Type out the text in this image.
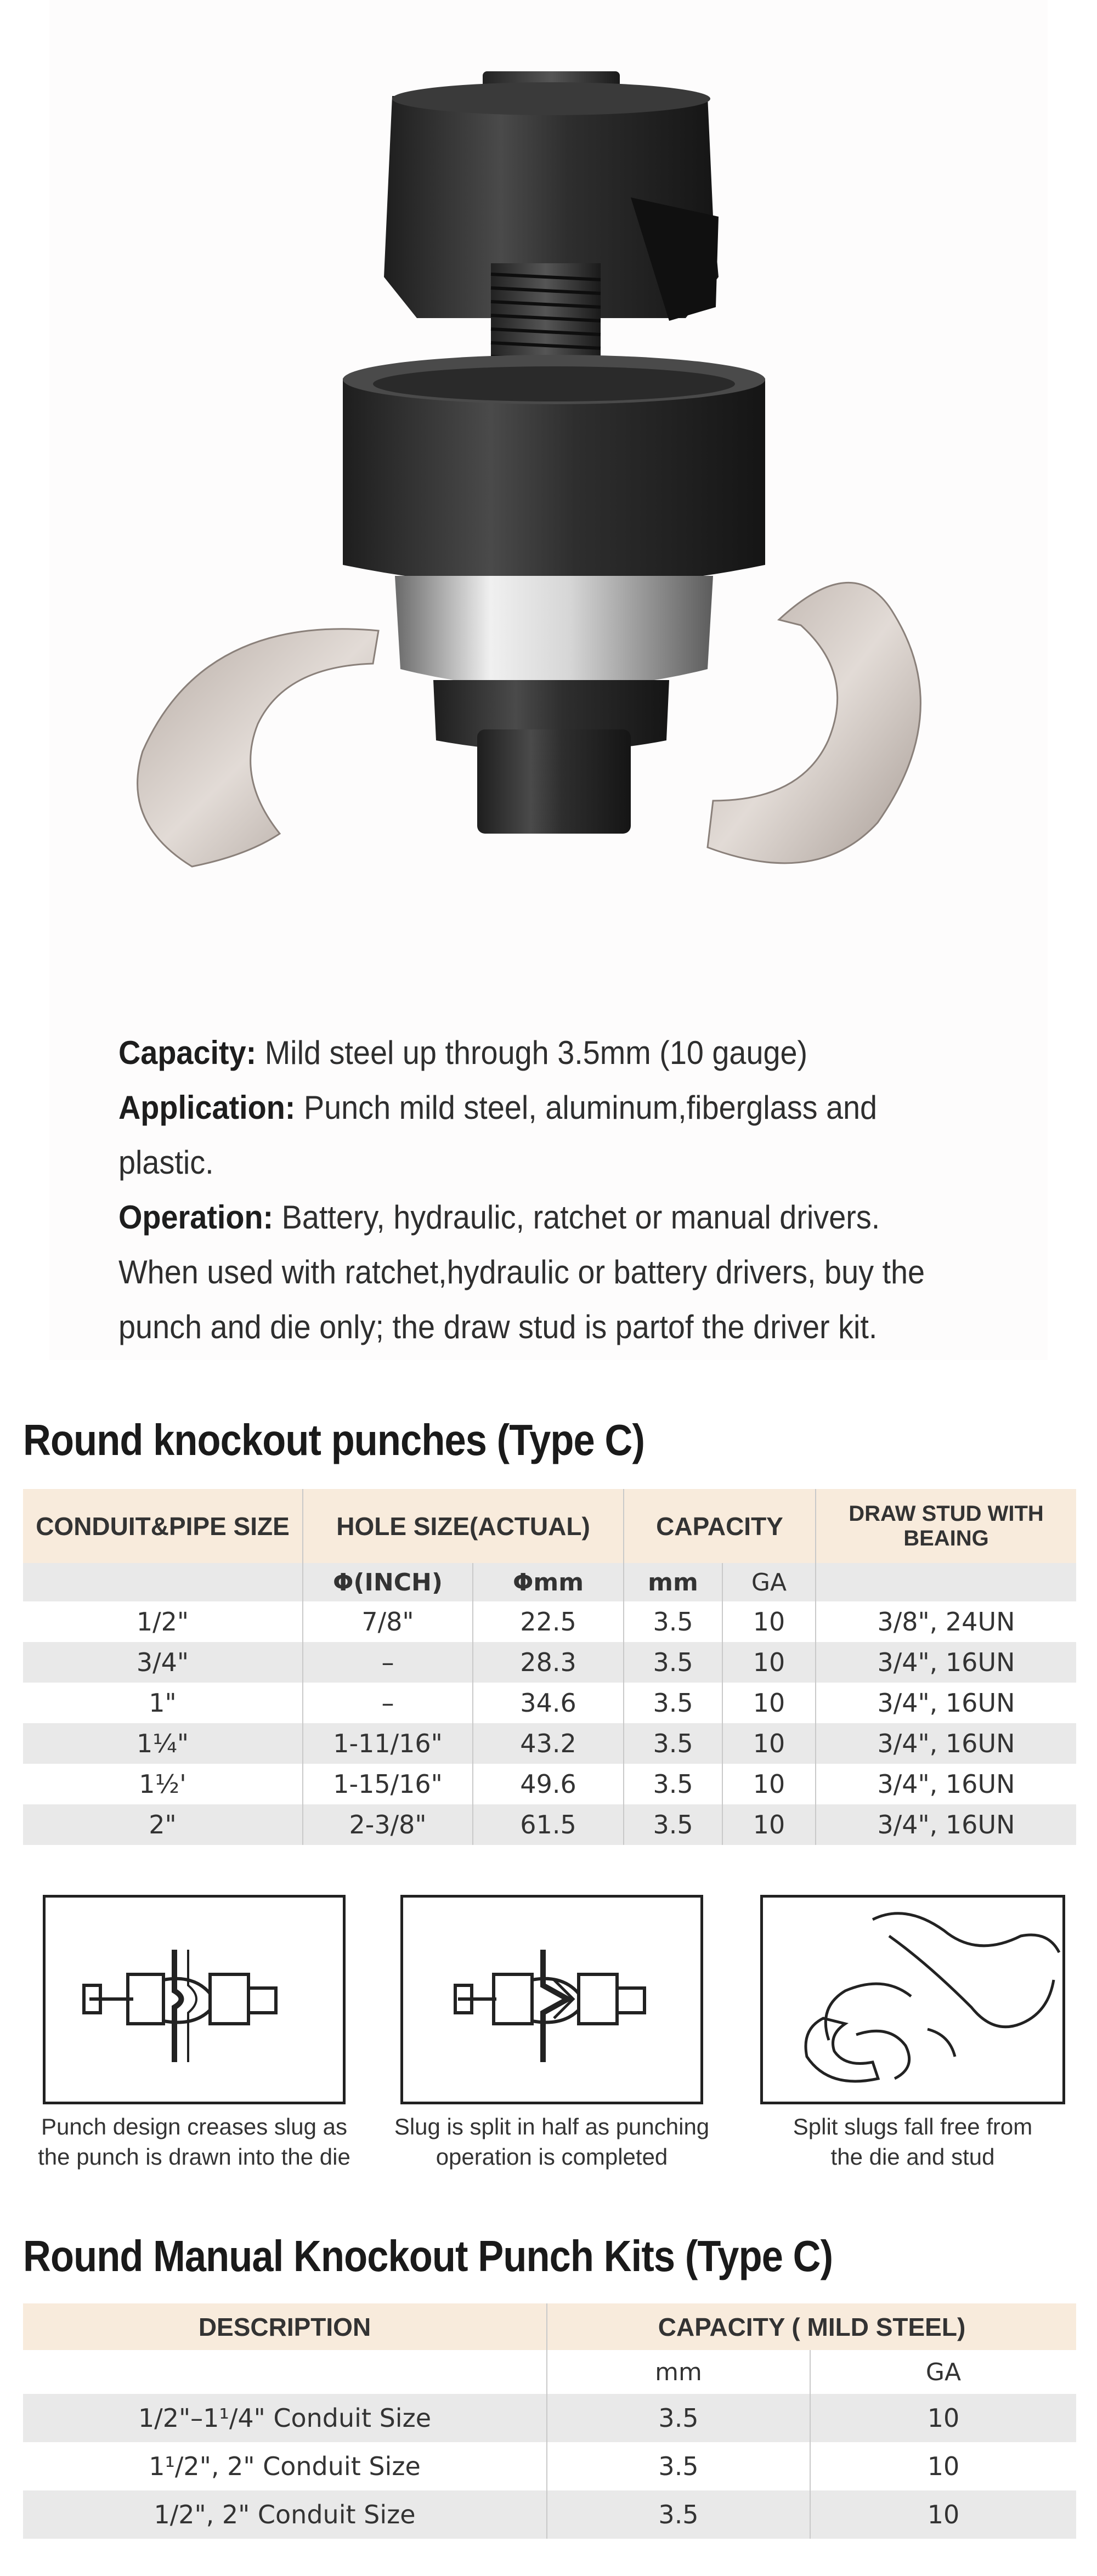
Capacity: Mild steel up through 3.5mm (10 gauge)

Application: Punch mild steel, aluminum,fiberglass and

plastic.

Operation: Battery, hydraulic, ratchet or manual drivers.

When used with ratchet,hydraulic or battery drivers, buy the

punch and die only; the draw stud is partof the driver kit.

Round knockout punches (Type C)
CONDUIT&PIPE SIZE	HOLE SIZE(ACTUAL)		CAPACITY		DRAW STUD WITH BEAING
	Φ(INCH)	Φmm	mm	GA	
1/2"	7/8"	22.5	3.5	10	3/8", 24UN
3/4"	–	28.3	3.5	10	3/4", 16UN
1"	–	34.6	3.5	10	3/4", 16UN
1¼"	1-11/16"	43.2	3.5	10	3/4", 16UN
1½'	1-15/16"	49.6	3.5	10	3/4", 16UN
2"	2-3/8"	61.5	3.5	10	3/4", 16UN
Punch design creases slug as
the punch is drawn into the die
Slug is split in half as punching
operation is completed
Split slugs fall free from
the die and stud
Round Manual Knockout Punch Kits (Type C)
DESCRIPTION	CAPACITY ( MILD STEEL)	
	mm	GA
1/2"–1¹/4" Conduit Size	3.5	10
1¹/2", 2" Conduit Size	3.5	10
1/2", 2" Conduit Size	3.5	10
